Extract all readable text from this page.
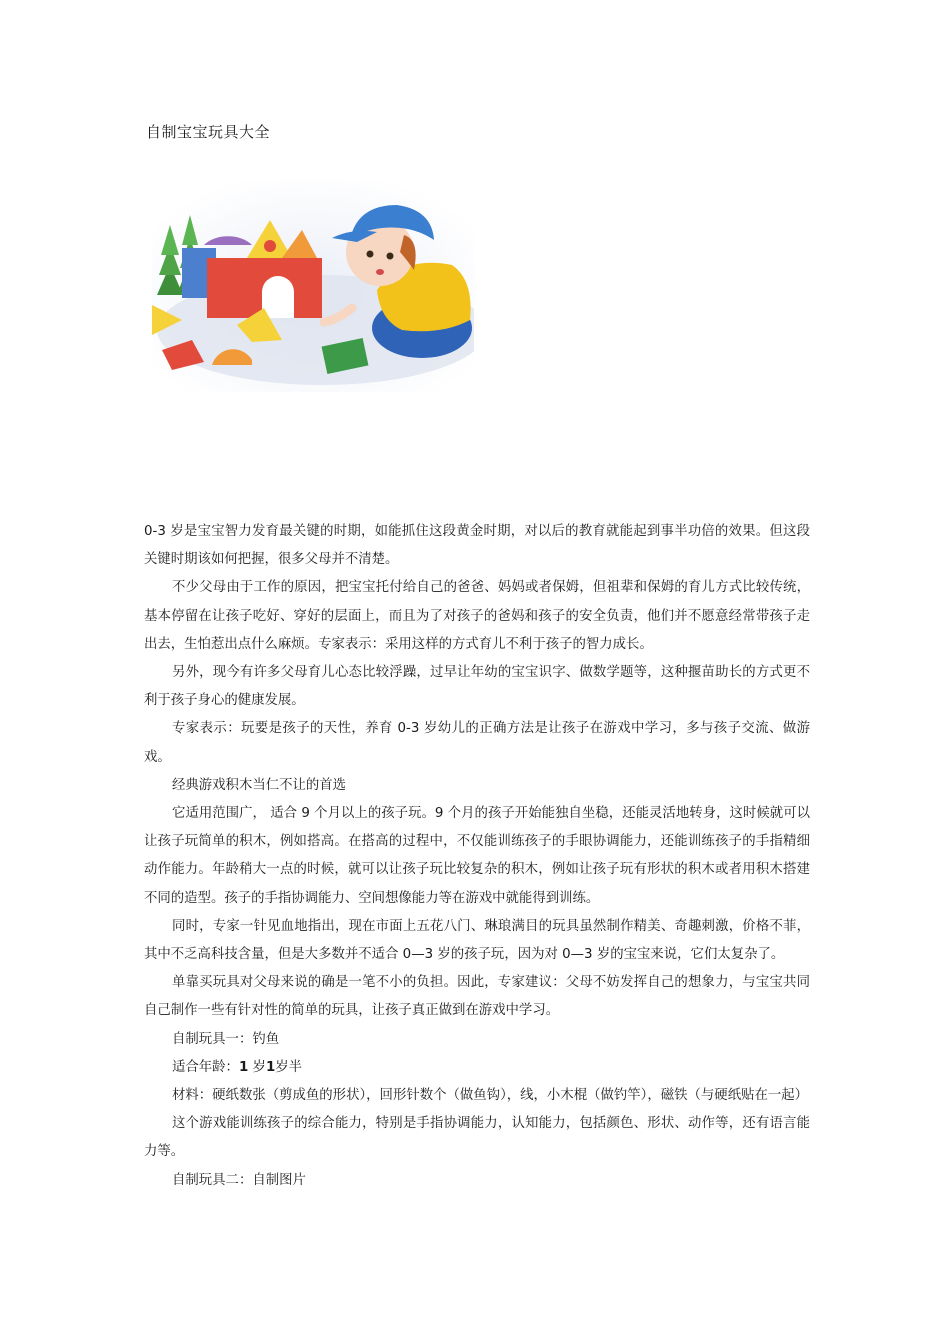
自制宝宝玩具大全

0-3 岁是宝宝智力发育最关键的时期，如能抓住这段黄金时期，对以后的教育就能起到事半功倍的效果。但这段关键时期该如何把握，很多父母并不清楚。

不少父母由于工作的原因，把宝宝托付给自己的爸爸、妈妈或者保姆，但祖辈和保姆的育儿方式比较传统，基本停留在让孩子吃好、穿好的层面上，而且为了对孩子的爸妈和孩子的安全负责，他们并不愿意经常带孩子走出去，生怕惹出点什么麻烦。专家表示：采用这样的方式育儿不利于孩子的智力成长。

另外，现今有许多父母育儿心态比较浮躁，过早让年幼的宝宝识字、做数学题等，这种揠苗助长的方式更不利于孩子身心的健康发展。

专家表示：玩要是孩子的天性，养育 0-3 岁幼儿的正确方法是让孩子在游戏中学习，多与孩子交流、做游戏。

经典游戏积木当仁不让的首选

它适用范围广， 适合 9 个月以上的孩子玩。9 个月的孩子开始能独自坐稳，还能灵活地转身，这时候就可以让孩子玩简单的积木，例如搭高。在搭高的过程中，不仅能训练孩子的手眼协调能力，还能训练孩子的手指精细动作能力。年龄稍大一点的时候，就可以让孩子玩比较复杂的积木，例如让孩子玩有形状的积木或者用积木搭建不同的造型。孩子的手指协调能力、空间想像能力等在游戏中就能得到训练。

同时，专家一针见血地指出，现在市面上五花八门、琳琅满目的玩具虽然制作精美、奇趣刺激，价格不菲，其中不乏高科技含量，但是大多数并不适合 0—3 岁的孩子玩，因为对 0—3 岁的宝宝来说，它们太复杂了。

单靠买玩具对父母来说的确是一笔不小的负担。因此，专家建议：父母不妨发挥自己的想象力，与宝宝共同自己制作一些有针对性的简单的玩具，让孩子真正做到在游戏中学习。

自制玩具一：钓鱼

适合年龄：1 岁1岁半

材料：硬纸数张（剪成鱼的形状），回形针数个（做鱼钩），线，小木棍（做钓竿），磁铁（与硬纸贴在一起）

这个游戏能训练孩子的综合能力，特别是手指协调能力，认知能力，包括颜色、形状、动作等，还有语言能力等。

自制玩具二：自制图片
